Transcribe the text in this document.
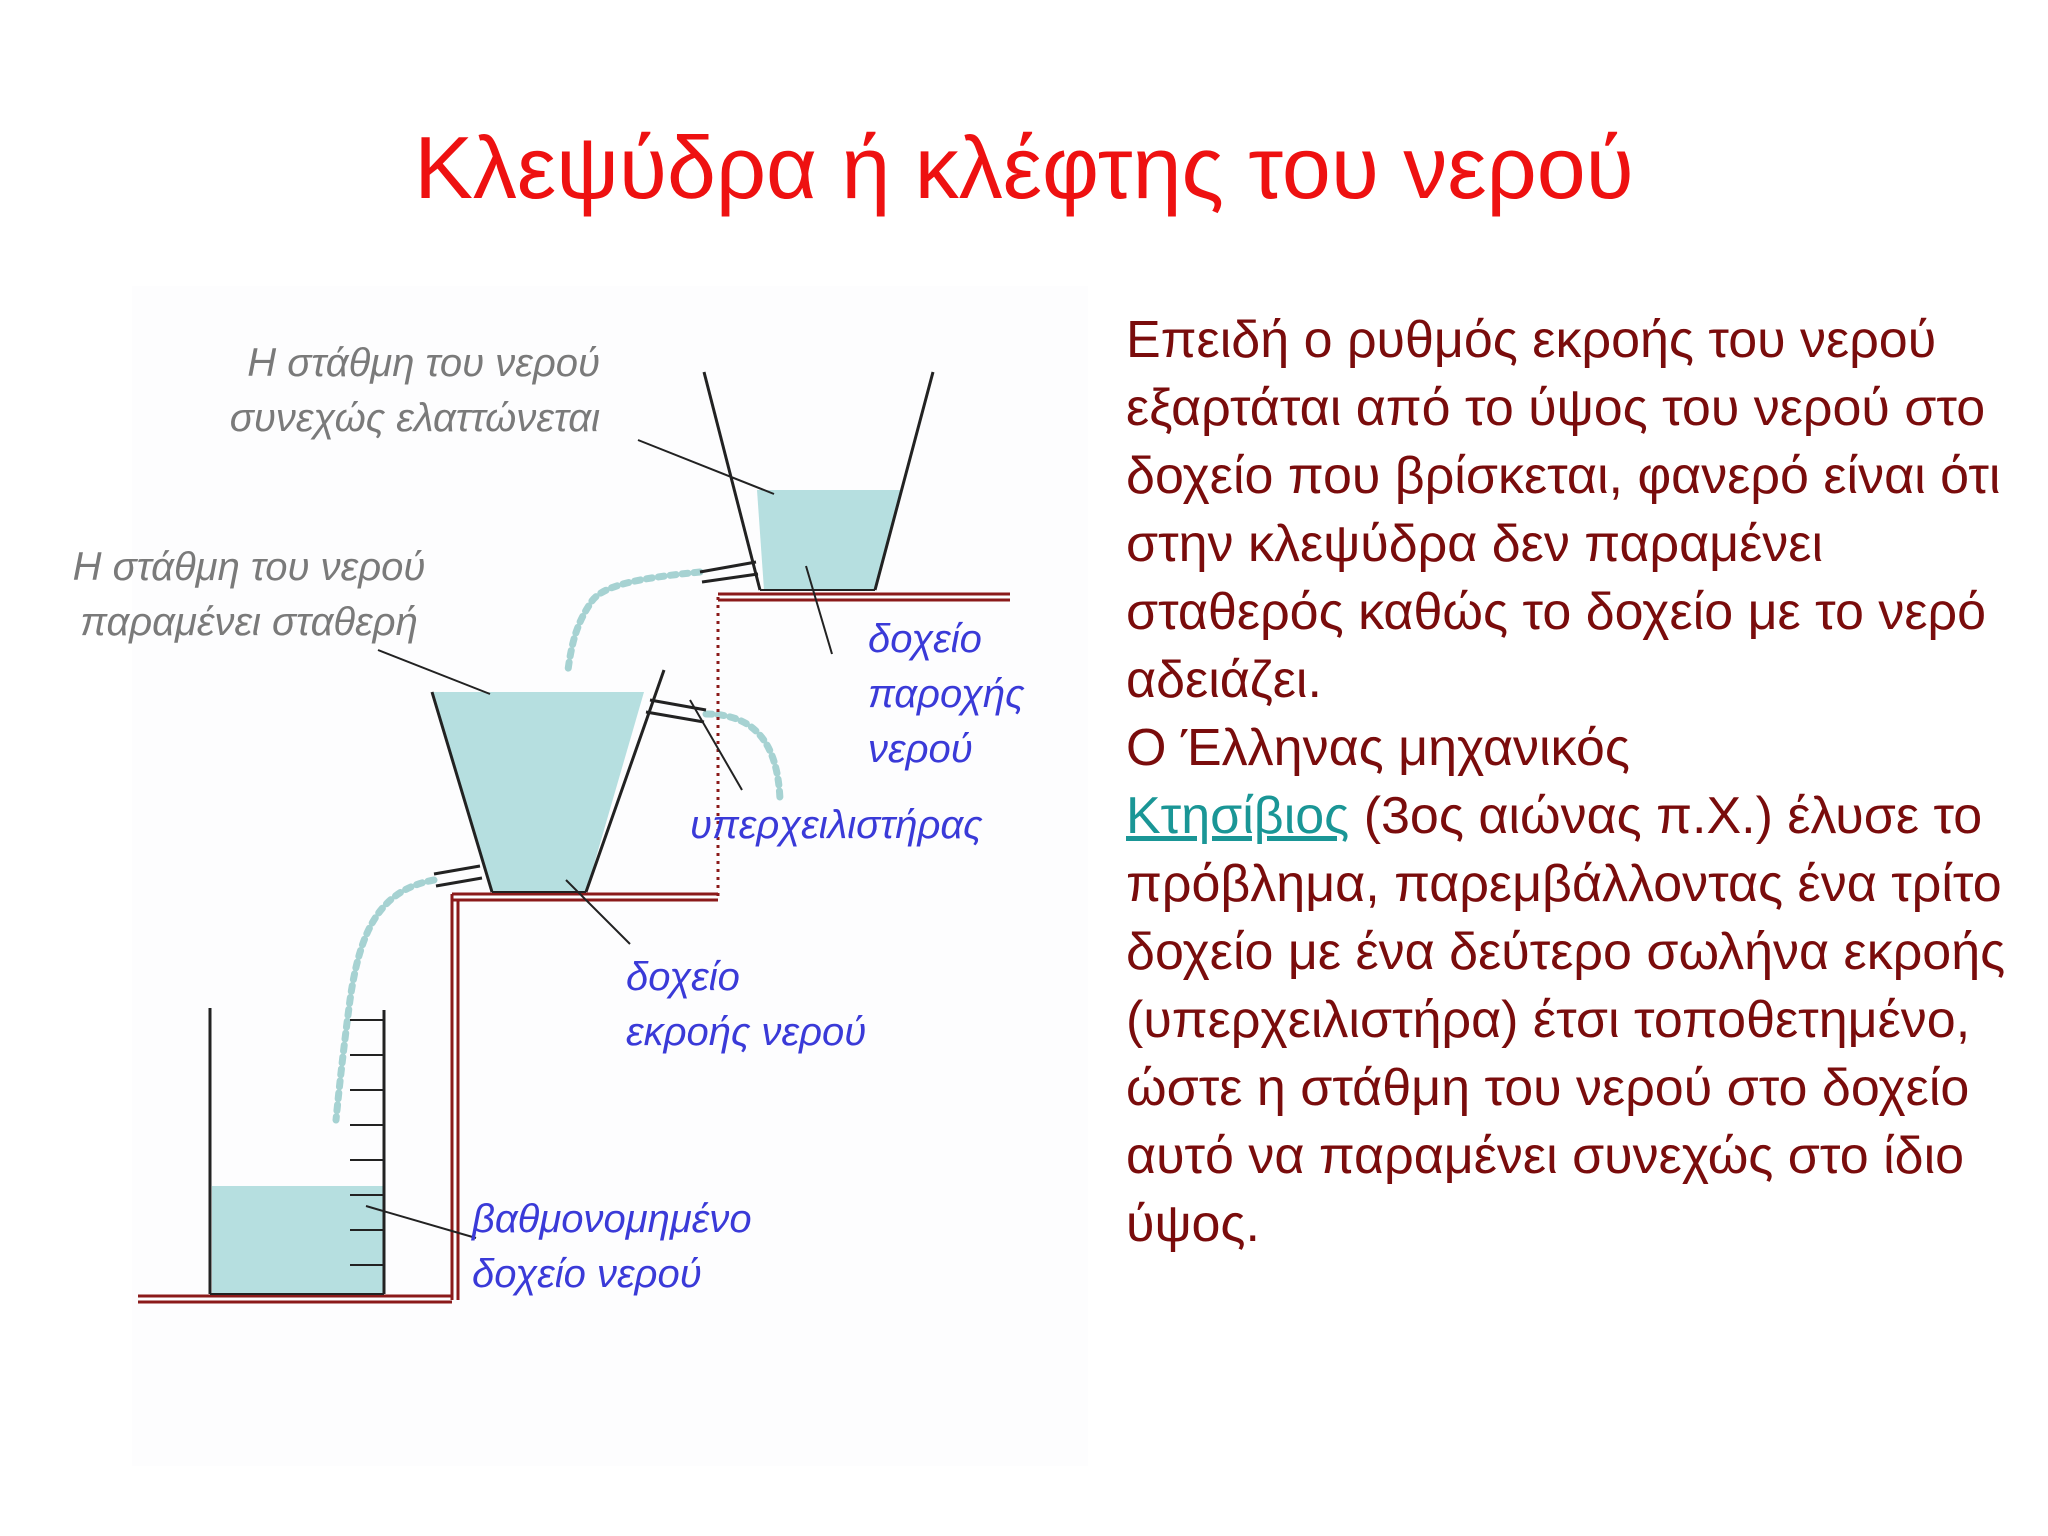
Κλεψύδρα ή κλέφτης του νερού
Η στάθμη του νερού
συνεχώς ελαττώνεται
Η στάθμη του νερού
παραμένει σταθερή	δοχείο
παροχής
νερού
υπερχειλιστήρας
δοχείο
εκροής νερού
βαθμονομημένο
δοχείο νερού

Επειδή ο ρυθμός εκροής του νερού εξαρτάται από το ύψος του νερού στο δοχείο που βρίσκεται, φανερό είναι ότι στην κλεψύδρα δεν παραμένει σταθερός καθώς το δοχείο με το νερό αδειάζει.

Ο Έλληνας μηχανικός
Κτησίβιος (3ος αιώνας π.Χ.) έλυσε το πρόβλημα, παρεμβάλλοντας ένα τρίτο δοχείο με ένα δεύτερο σωλήνα εκροής (υπερχειλιστήρα) έτσι τοποθετημένο, ώστε η στάθμη του νερού στο δοχείο αυτό να παραμένει συνεχώς στο ίδιο ύψος.
